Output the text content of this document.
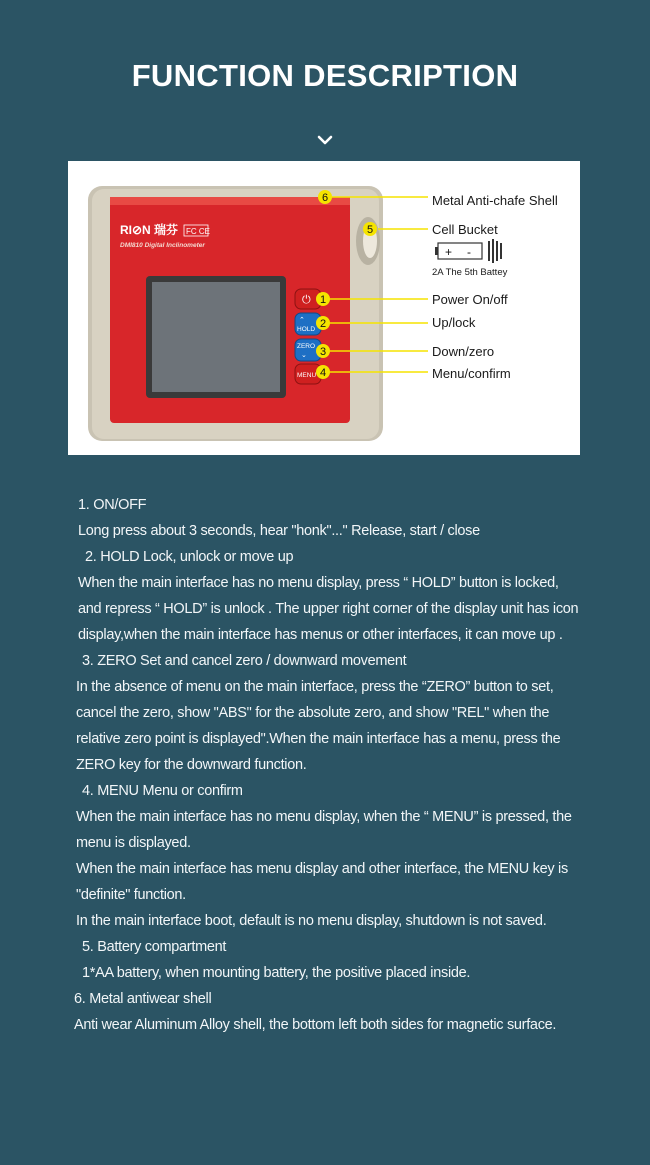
FUNCTION DESCRIPTION
RI⊘N 瑞芬 FC CE
DMI810 Digital Inclinometer
⏻
⌃
HOLD
ZERO
⌄
MENU
6
5
1
2
3
4
+ -
Metal Anti-chafe Shell
Cell Bucket
2A The 5th Battey
Power On/off
Up/lock
Down/zero
Menu/confirm

1. ON/OFF

Long press about 3 seconds, hear "honk"..." Release, start / close

2. HOLD Lock, unlock or move up

When the main interface has no menu display, press “ HOLD” button is locked,

and repress “ HOLD” is unlock . The upper right corner of the display unit has icon display,when the main interface has menus or other interfaces, it can move up .

3. ZERO Set and cancel zero / downward movement

In the absence of menu on the main interface, press the “ZERO” button to set, cancel the zero, show "ABS" for the absolute zero, and show "REL" when the relative zero point is displayed".When the main interface has a menu, press the ZERO key for the downward function.

4. MENU Menu or confirm

When the main interface has no menu display, when the “ MENU” is pressed, the menu is displayed.

When the main interface has menu display and other interface, the MENU key is "definite" function.

In the main interface boot, default is no menu display, shutdown is not saved.

5. Battery compartment

1*AA battery, when mounting battery, the positive placed inside.

6. Metal antiwear shell

Anti wear Aluminum Alloy shell, the bottom left both sides for magnetic surface.
